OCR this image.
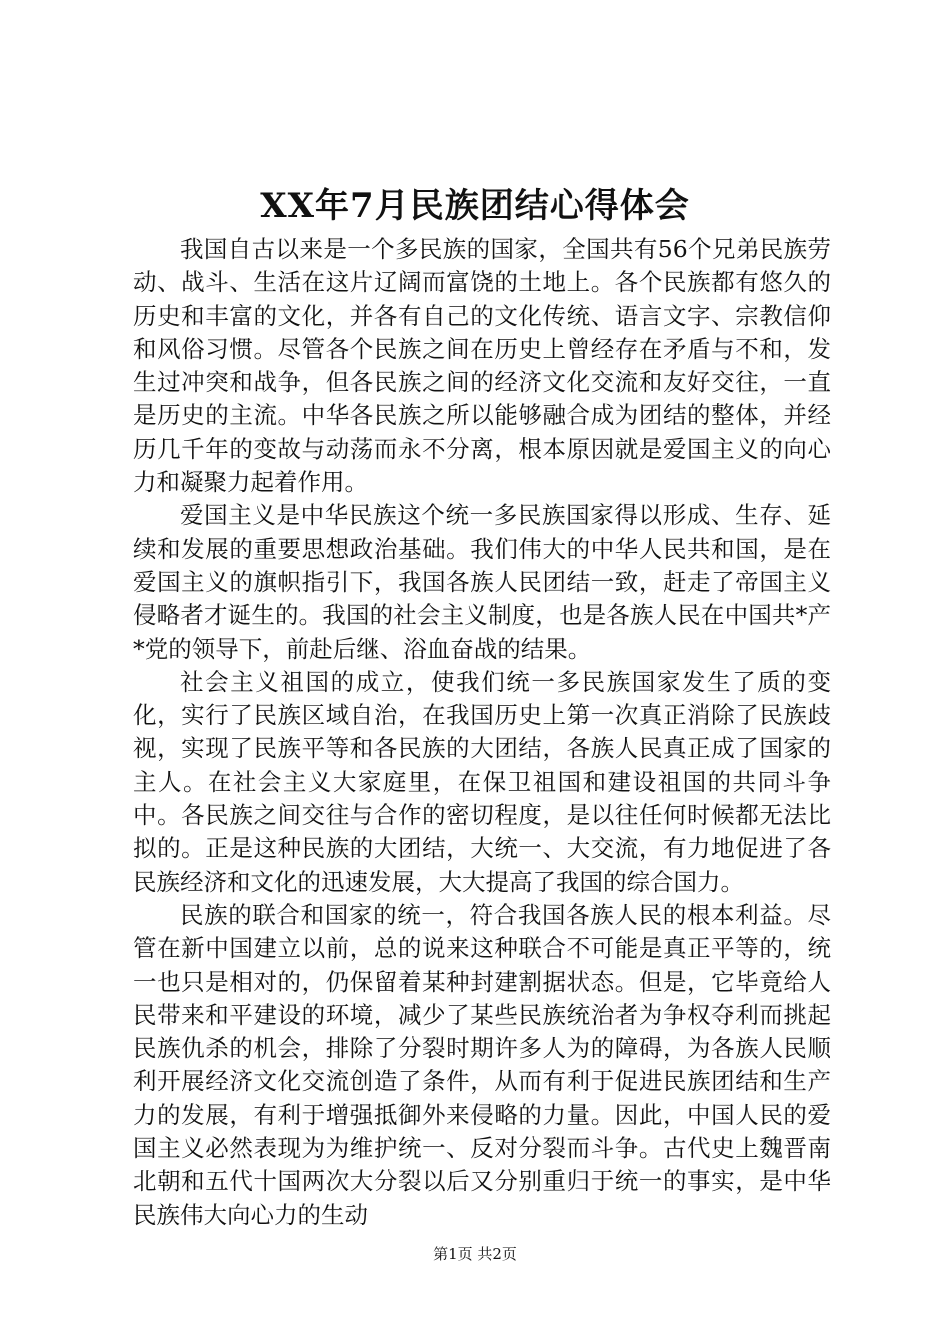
XX年7月民族团结心得体会

我国自古以来是一个多民族的国家，全国共有56个兄弟民族劳动、战斗、生活在这片辽阔而富饶的土地上。各个民族都有悠久的历史和丰富的文化，并各有自己的文化传统、语言文字、宗教信仰和风俗习惯。尽管各个民族之间在历史上曾经存在矛盾与不和，发生过冲突和战争，但各民族之间的经济文化交流和友好交往，一直是历史的主流。中华各民族之所以能够融合成为团结的整体，并经历几千年的变故与动荡而永不分离，根本原因就是爱国主义的向心力和凝聚力起着作用。

爱国主义是中华民族这个统一多民族国家得以形成、生存、延续和发展的重要思想政治基础。我们伟大的中华人民共和国，是在爱国主义的旗帜指引下，我国各族人民团结一致，赶走了帝国主义侵略者才诞生的。我国的社会主义制度，也是各族人民在中国共*产*党的领导下，前赴后继、浴血奋战的结果。

社会主义祖国的成立，使我们统一多民族国家发生了质的变化，实行了民族区域自治，在我国历史上第一次真正消除了民族歧视，实现了民族平等和各民族的大团结，各族人民真正成了国家的主人。在社会主义大家庭里，在保卫祖国和建设祖国的共同斗争中。各民族之间交往与合作的密切程度，是以往任何时候都无法比拟的。正是这种民族的大团结，大统一、大交流，有力地促进了各民族经济和文化的迅速发展，大大提高了我国的综合国力。

民族的联合和国家的统一，符合我国各族人民的根本利益。尽管在新中国建立以前，总的说来这种联合不可能是真正平等的，统一也只是相对的，仍保留着某种封建割据状态。但是，它毕竟给人民带来和平建设的环境，减少了某些民族统治者为争权夺利而挑起民族仇杀的机会，排除了分裂时期许多人为的障碍，为各族人民顺利开展经济文化交流创造了条件，从而有利于促进民族团结和生产力的发展，有利于增强抵御外来侵略的力量。因此，中国人民的爱国主义必然表现为为维护统一、反对分裂而斗争。古代史上魏晋南北朝和五代十国两次大分裂以后又分别重归于统一的事实，是中华民族伟大向心力的生动

第1页 共2页
